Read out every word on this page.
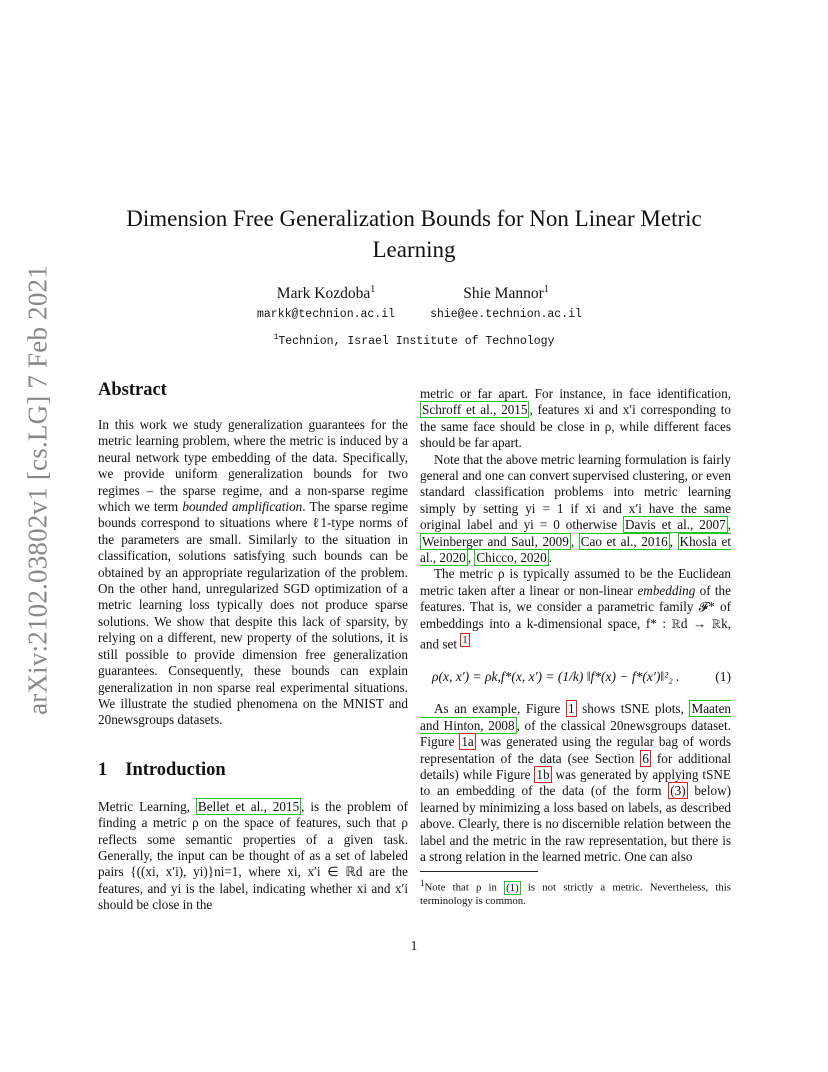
arXiv:2102.03802v1 [cs.LG] 7 Feb 2021
Dimension Free Generalization Bounds for Non Linear Metric Learning
Mark Kozdoba$^1$
markk@technion.ac.il
Shie Mannor$^1$
shie@ee.technion.ac.il
$^1$Technion, Israel Institute of Technology
Abstract

In this work we study generalization guarantees for the metric learning problem, where the metric is induced by a neural network type embedding of the data. Specifically, we provide uniform generalization bounds for two regimes – the sparse regime, and a non-sparse regime which we term bounded amplification. The sparse regime bounds correspond to situations where ℓ1-type norms of the parameters are small. Similarly to the situation in classification, solutions satisfying such bounds can be obtained by an appropriate regularization of the problem. On the other hand, unregularized SGD optimization of a metric learning loss typically does not produce sparse solutions. We show that despite this lack of sparsity, by relying on a different, new property of the solutions, it is still possible to provide dimension free generalization guarantees. Consequently, these bounds can explain generalization in non sparse real experimental situations. We illustrate the studied phenomena on the MNIST and 20newsgroups datasets.

1 Introduction

Metric Learning, Bellet et al., 2015 , is the problem of finding a metric ρ on the space of features, such that ρ reflects some semantic properties of a given task. Generally, the input can be thought of as a set of labeled pairs {((xi, x′i), yi)}ni=1, where xi, x′i ∈ ℝd are the features, and yi is the label, indicating whether xi and x′i should be close in the

metric or far apart. For instance, in face identification, Schroff et al., 2015 , features xi and x′i corresponding to the same face should be close in ρ, while different faces should be far apart.

Note that the above metric learning formulation is fairly general and one can convert supervised clustering, or even standard classification problems into metric learning simply by setting yi = 1 if xi and x′i have the same original label and yi = 0 otherwise Davis et al., 2007 , Weinberger and Saul, 2009 , Cao et al., 2016 , Khosla et al., 2020 , Chicco, 2020 .

The metric ρ is typically assumed to be the Euclidean metric taken after a linear or non-linear embedding of the features. That is, we consider a parametric family 𝓕* of embeddings into a k-dimensional space, f* : ℝd → ℝk, and set $^1$

ρ(x, x′) = ρk,f*(x, x′) = (1/k) ‖f*(x) − f*(x′)‖²₂ .	(1)

As an example, Figure 1 shows tSNE plots, Maaten and Hinton, 2008 , of the classical 20newsgroups dataset. Figure 1a was generated using the regular bag of words representation of the data (see Section 6 for additional details) while Figure 1b was generated by applying tSNE to an embedding of the data (of the form (3) below) learned by minimizing a loss based on labels, as described above. Clearly, there is no discernible relation between the label and the metric in the raw representation, but there is a strong relation in the learned metric. One can also

$^1$Note that ρ in (1) is not strictly a metric. Nevertheless, this terminology is common.

1
